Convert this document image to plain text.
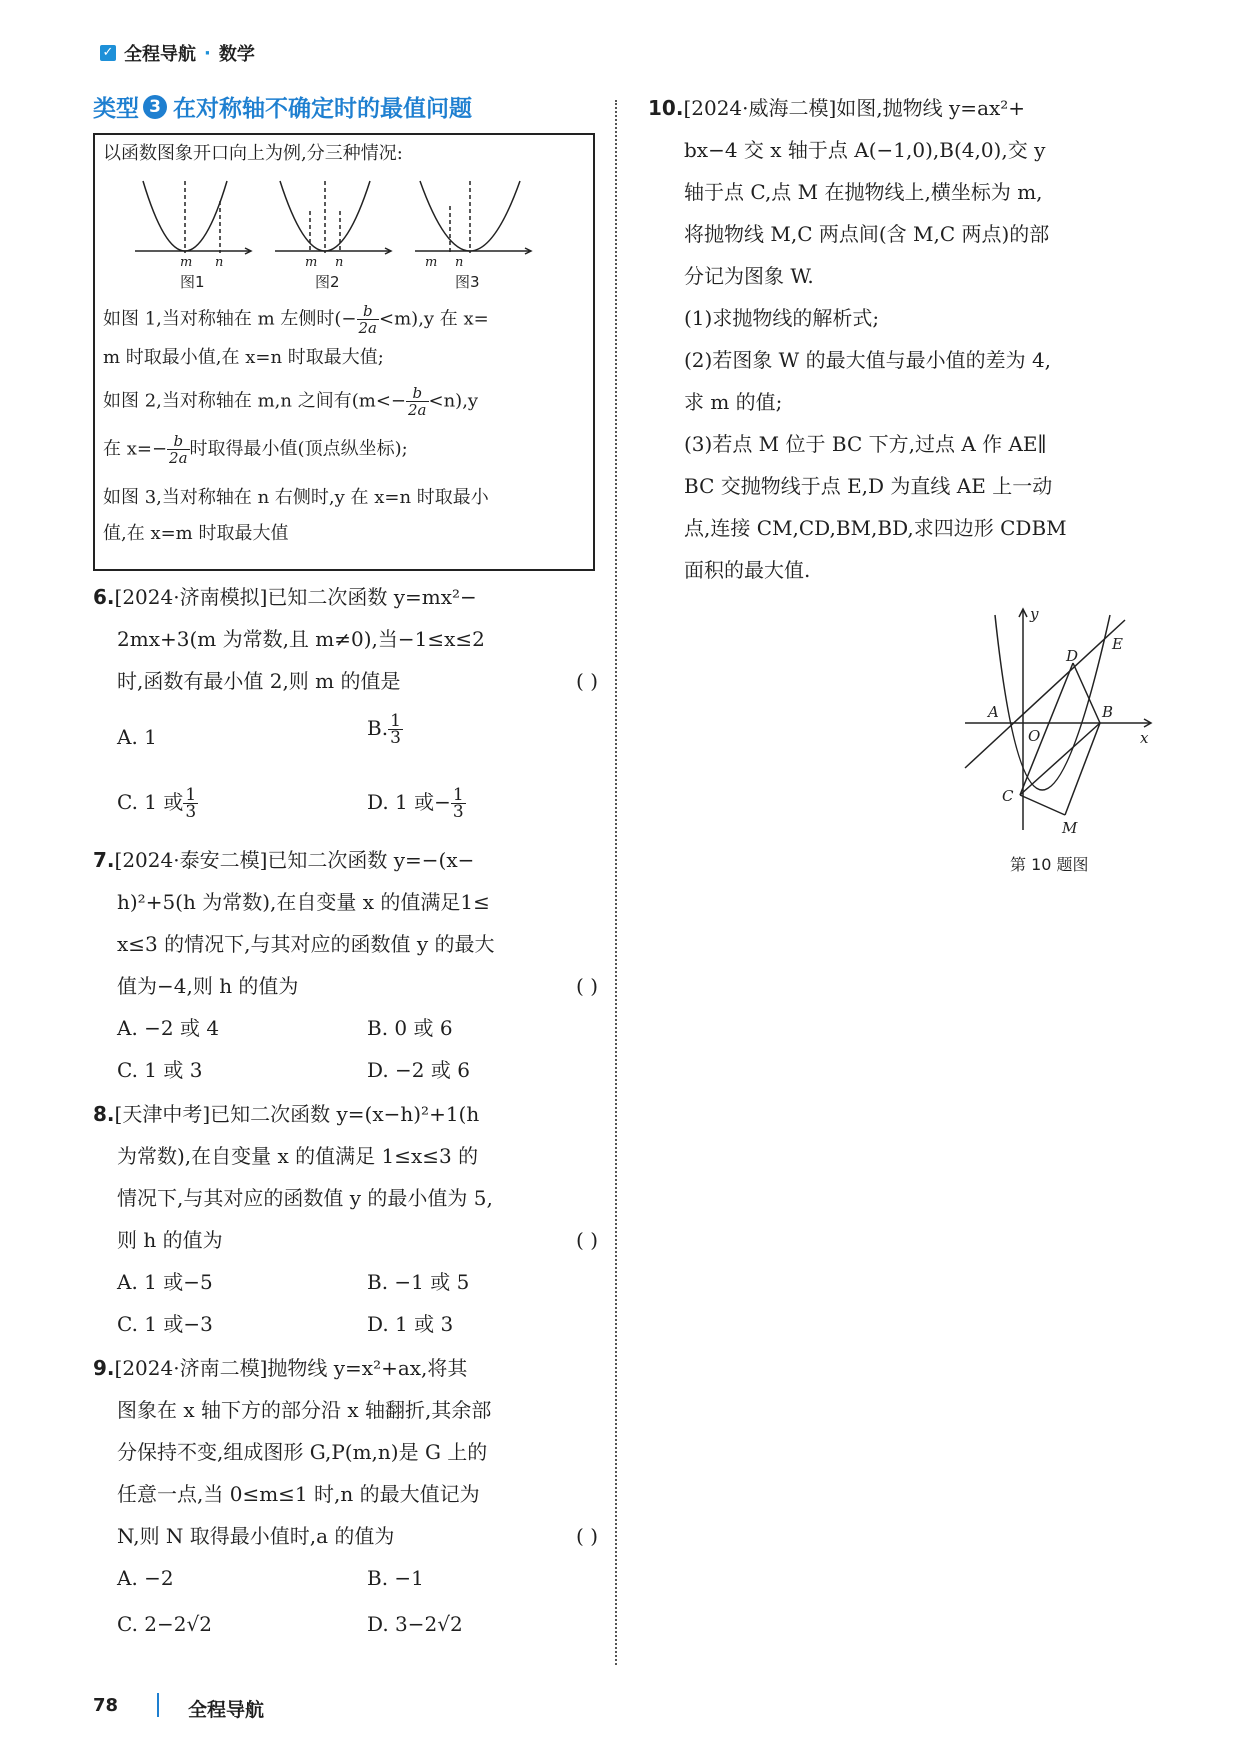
✓ 全程导航 · 数学
类型 3 在对称轴不确定时的最值问题
以函数图象开口向上为例,分三种情况:
m n	m n	m n
图1	图2	图3
如图 1,当对称轴在 m 左侧时(− $\frac{b}{2a} <m),y$ 在 x=
m 时取最小值,在 x=n 时取最大值;
如图 2,当对称轴在 m,n 之间有$(m<- \frac{b}{2a} <n),y$
在 $x=- \frac{b}{2a}$ 时取得最小值(顶点纵坐标);
如图 3,当对称轴在 n 右侧时,y 在 x=n 时取最小
值,在 x=m 时取最大值
6.[2024·济南模拟]已知二次函数 y=mx²−
2mx+3(m 为常数,且 m≠0),当−1≤x≤2
时,函数有最小值 2,则 m 的值是	( )
A. 1	B. $\frac{1}{3}$
C. 1 或 $\frac{1}{3}$	D. 1 或− $\frac{1}{3}$
7.[2024·泰安二模]已知二次函数 y=−(x−
h)²+5(h 为常数),在自变量 x 的值满足1≤
x≤3 的情况下,与其对应的函数值 y 的最大
值为−4,则 h 的值为	( )
A. −2 或 4	B. 0 或 6
C. 1 或 3	D. −2 或 6
8.[天津中考]已知二次函数 y=(x−h)²+1(h
为常数),在自变量 x 的值满足 1≤x≤3 的
情况下,与其对应的函数值 y 的最小值为 5,
则 h 的值为	( )
A. 1 或−5	B. −1 或 5
C. 1 或−3	D. 1 或 3
9.[2024·济南二模]抛物线 y=x²+ax,将其
图象在 x 轴下方的部分沿 x 轴翻折,其余部
分保持不变,组成图形 G,P(m,n)是 G 上的
任意一点,当 0≤m≤1 时,n 的最大值记为
N,则 N 取得最小值时,a 的值为	( )
A. −2	B. −1
C. 2−2√2	D. 3−2√2
10.[2024·威海二模]如图,抛物线 y=ax²+
bx−4 交 x 轴于点 A(−1,0),B(4,0),交 y
轴于点 C,点 M 在抛物线上,横坐标为 m,
将抛物线 M,C 两点间(含 M,C 两点)的部
分记为图象 W.
(1)求抛物线的解析式;
(2)若图象 W 的最大值与最小值的差为 4,
求 m 的值;
(3)若点 M 位于 BC 下方,过点 A 作 AE∥
BC 交抛物线于点 E,D 为直线 AE 上一动
点,连接 CM,CD,BM,BD,求四边形 CDBM
面积的最大值.
y
x
A
O
B
C
D
E
M
第 10 题图
78	全程导航
